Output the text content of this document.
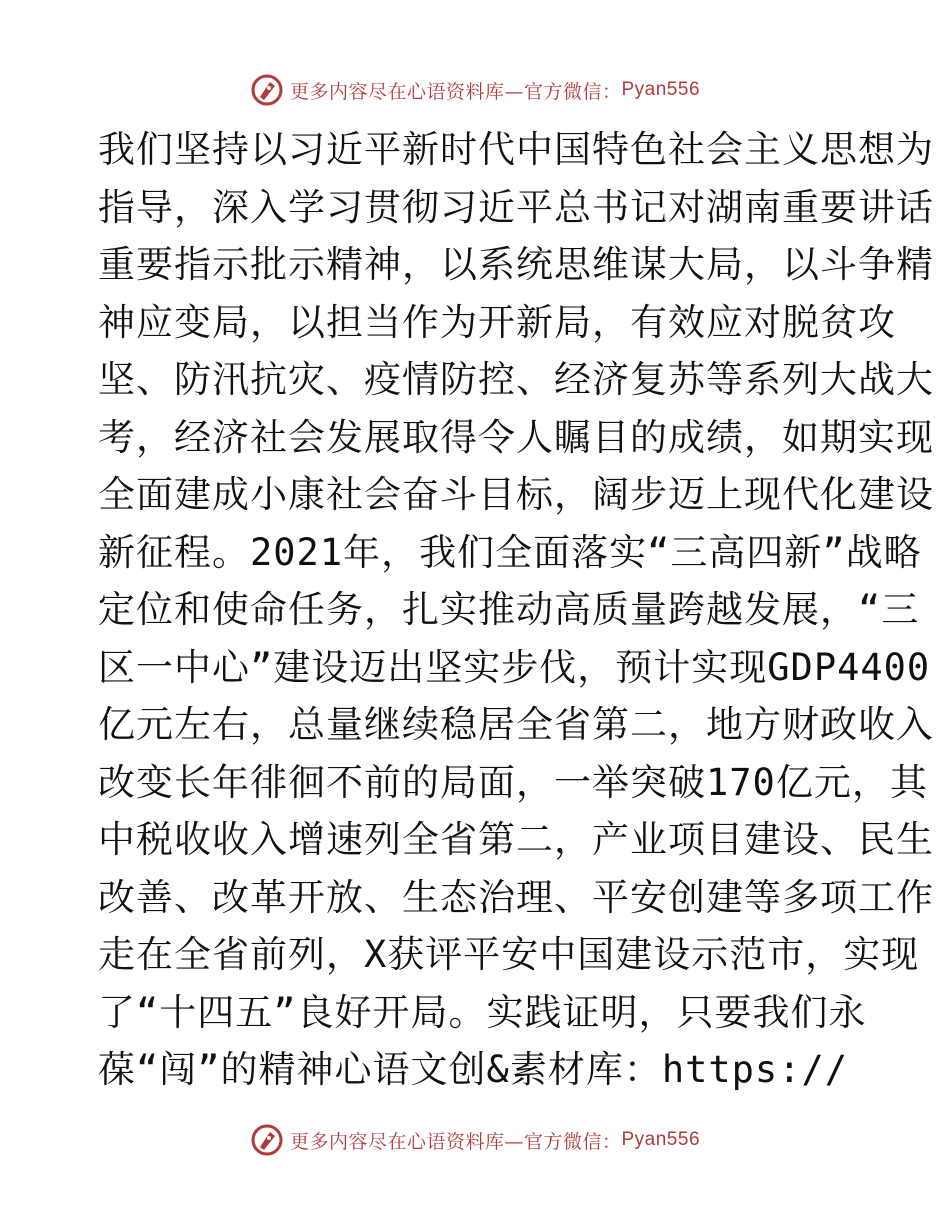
更多内容尽在心语资料库—官方微信： Pyan556
我们坚持以习近平新时代中国特色社会主义思想为
指导，深入学习贯彻习近平总书记对湖南重要讲话
重要指示批示精神，以系统思维谋大局，以斗争精
神应变局，以担当作为开新局，有效应对脱贫攻
坚、防汛抗灾、疫情防控、经济复苏等系列大战大
考，经济社会发展取得令人瞩目的成绩，如期实现
全面建成小康社会奋斗目标，阔步迈上现代化建设
新征程。2021年，我们全面落实“三高四新”战略
定位和使命任务，扎实推动高质量跨越发展，“三
区一中心”建设迈出坚实步伐，预计实现GDP4400
亿元左右，总量继续稳居全省第二，地方财政收入
改变长年徘徊不前的局面，一举突破170亿元，其
中税收收入增速列全省第二，产业项目建设、民生
改善、改革开放、生态治理、平安创建等多项工作
走在全省前列，X获评平安中国建设示范市，实现
了“十四五”良好开局。实践证明，只要我们永
葆“闯”的精神心语文创&素材库：https://
更多内容尽在心语资料库—官方微信： Pyan556
